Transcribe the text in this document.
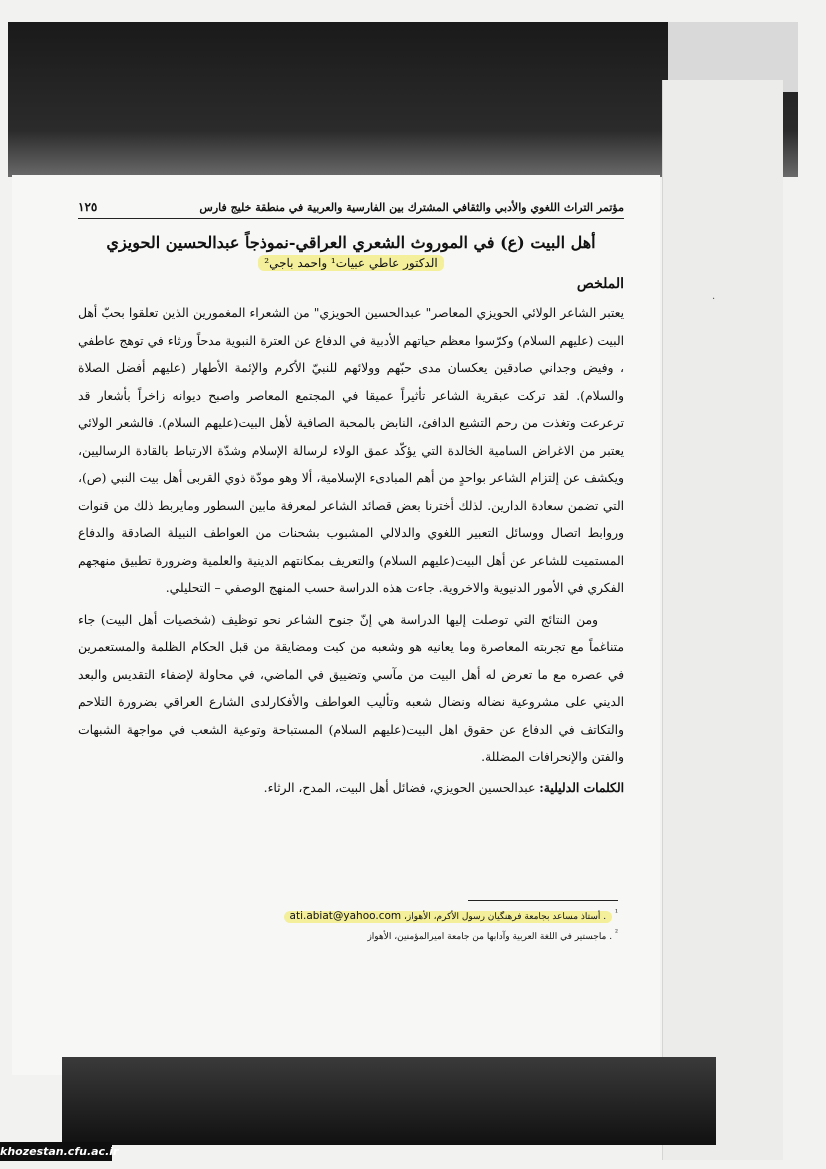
مؤتمر التراث اللغوي والأدبي والثقافي المشترك بين الفارسية والعربية في منطقة خليج فارس
١٢٥
أهل البيت (ع) في الموروث الشعري العراقي-نموذجاً عبدالحسين الحويزي
الدكتور عاطي عبيات¹ واحمد باجي²
الملخص

يعتبر الشاعر الولائي الحويزي المعاصر" عبدالحسين الحويزي" من الشعراء المغمورين الذين تعلقوا بحبّ أهل البيت (عليهم السلام) وكرّسوا معظم حياتهم الأدبية في الدفاع عن العترة النبوية مدحاً ورثاء في توهج عاطفي ، وفيض وجداني صادقين يعكسان مدى حبّهم وولائهم للنبيّ الأكرم والإئمة الأطهار (عليهم أفضل الصلاة والسلام). لقد تركت عبقرية الشاعر تأثيراً عميقا في المجتمع المعاصر واصبح ديوانه زاخراً بأشعار قد ترعرعت وتغذت من رحم التشيع الدافئ، النابض بالمحبة الصافية لأهل البيت(عليهم السلام). فالشعر الولائي يعتبر من الاغراض السامية الخالدة التي يؤكّد عمق الولاء لرسالة الإسلام وشدّة الارتباط بالقادة الرساليين، ويكشف عن إلتزام الشاعر بواحدٍ من أهم المبادىء الإسلامية، ألا وهو مودّة ذوي القربى أهل بيت النبي (ص)، التي تضمن سعادة الدارين. لذلك أخترنا بعض قصائد الشاعر لمعرفة مابين السطور ومايربط ذلك من قنوات وروابط اتصال ووسائل التعبير اللغوي والدلالي المشبوب بشحنات من العواطف النبيلة الصادقة والدفاع المستميت للشاعر عن أهل البيت(عليهم السلام) والتعريف بمكانتهم الدينية والعلمية وضرورة تطبيق منهجهم الفكري في الأمور الدنيوية والاخروية. جاءت هذه الدراسة حسب المنهج الوصفي – التحليلي.

ومن النتائج التي توصلت إليها الدراسة هي إنّ جنوح الشاعر نحو توظيف (شخصيات أهل البيت) جاء متناغماً مع تجربته المعاصرة وما يعانيه هو وشعبه من كبت ومضايقة من قبل الحكام الظلمة والمستعمرين في عصره مع ما تعرض له أهل البيت من مآسي وتضييق في الماضي، في محاولة لإضفاء التقديس والبعد الديني على مشروعية نضاله ونضال شعبه وتأليب العواطف والأفكارلدى الشارع العراقي بضرورة التلاحم والتكاتف في الدفاع عن حقوق اهل البيت(عليهم السلام) المستباحة وتوعية الشعب في مواجهة الشبهات والفتن والإنحرافات المضللة.

الكلمات الدليلية: عبدالحسين الحويزي، فضائل أهل البيت، المدح، الرثاء.
$^{^1}$ . أستاذ مساعد بجامعة فرهنگيان رسول الأكرم، الأهواز، ati.abiat@yahoo.com
$^{^2}$ . ماجستير في اللغة العربية وآدابها من جامعة اميرالمؤمنين، الأهواز
·
khozestan.cfu.ac.ir
